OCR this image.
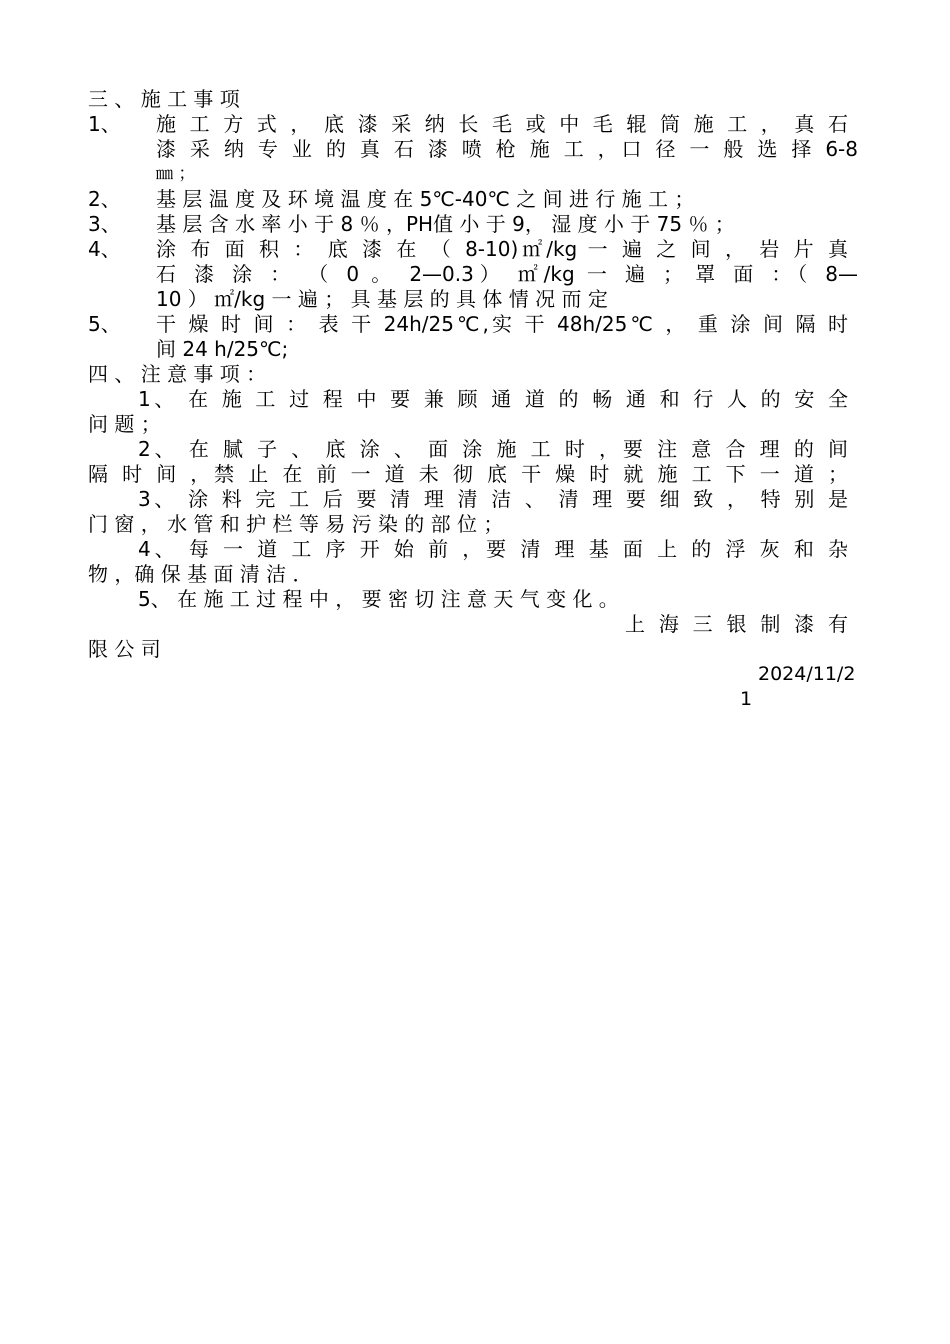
三 、 施 工 事 项
1、 施 工 方 式 ， 底 漆 采 纳 长 毛 或 中 毛 辊 筒 施 工 ， 真 石
漆 采 纳 专 业 的 真 石 漆 喷 枪 施 工 ，口 径 一 般 选 择 6-8
㎜ ；
2、 基 层 温 度 及 环 境 温 度 在 5℃-40℃ 之 间 进 行 施 工 ；
3、 基 层 含 水 率 小 于 8 ％ ，PH值 小 于 9， 湿 度 小 于 75 ％ ；
4、 涂 布 面 积 ： 底 漆 在 （ 8-10)㎡/kg 一 遍 之 间 ， 岩 片 真
石 漆 涂 ： （ 0 。 2—0.3） ㎡/kg 一 遍 ； 罩 面 ：（ 8—
10 ） ㎡/kg 一 遍 ； 具 基 层 的 具 体 情 况 而 定
5、 干 燥 时 间 ： 表 干 24h/25℃,实 干 48h/25℃ ， 重 涂 间 隔 时
间 24 h/25℃;
四 、 注 意 事 项 ：
1、 在 施 工 过 程 中 要 兼 顾 通 道 的 畅 通 和 行 人 的 安 全
问 题 ；
2、 在 腻 子 、 底 涂 、 面 涂 施 工 时 ，要 注 意 合 理 的 间
隔 时 间 ，禁 止 在 前 一 道 未 彻 底 干 燥 时 就 施 工 下 一 道 ；
3、 涂 料 完 工 后 要 清 理 清 洁 、 清 理 要 细 致 ， 特 别 是
门 窗 ， 水 管 和 护 栏 等 易 污 染 的 部 位 ；
4、 每 一 道 工 序 开 始 前 ，要 清 理 基 面 上 的 浮 灰 和 杂
物 ，确 保 基 面 清 洁 ．
5、 在 施 工 过 程 中 ， 要 密 切 注 意 天 气 变 化 。
上 海 三 银 制 漆 有
限 公 司
2024/11/2
1
